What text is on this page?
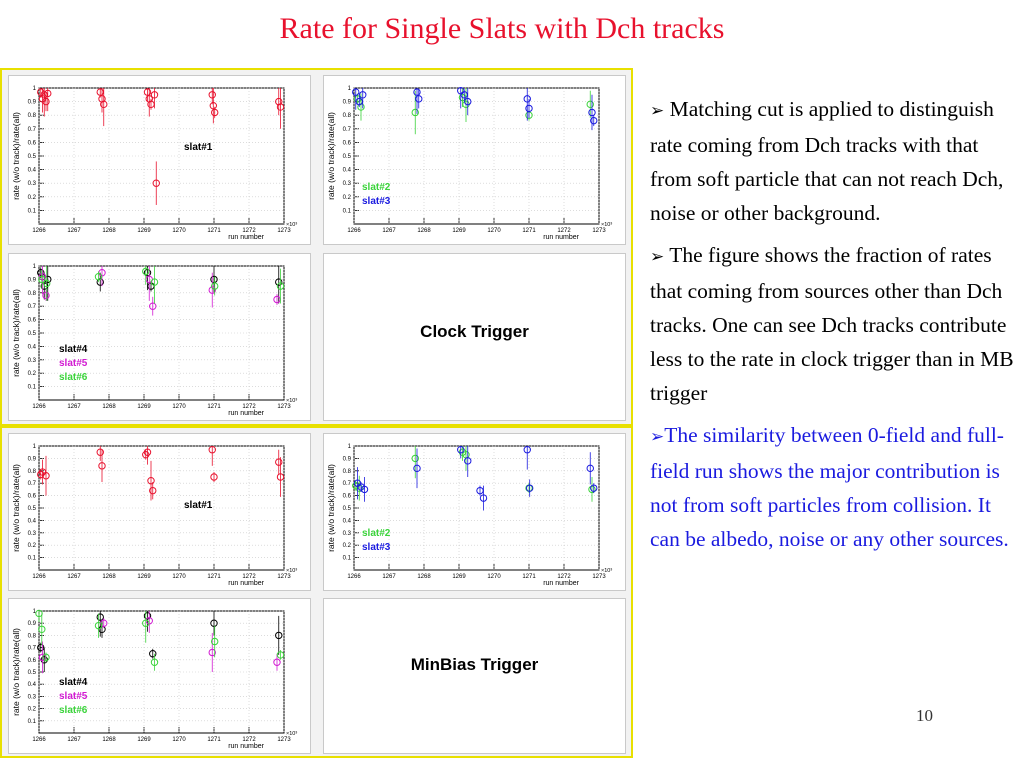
Rate for Single Slats with Dch tracks
0.1
0.2
0.3
0.4
0.5
0.6
0.7
0.8
0.9
1
1266	1267	1268	1269	1270	1271	1272	1273
rate (w/o track)/rate(all)
run number
×10³
slat#1
0.1
0.2
0.3
0.4
0.5
0.6
0.7
0.8
0.9
1
1266	1267	1268	1269	1270	1271	1272	1273
rate (w/o track)/rate(all)
run number
×10³
slat#2
slat#3
0.1
0.2
0.3
0.4
0.5
0.6
0.7
0.8
0.9
1
1266	1267	1268	1269	1270	1271	1272	1273
rate (w/o track)/rate(all)
run number
×10³
slat#4
slat#5
slat#6
Clock Trigger
0.1
0.2
0.3
0.4
0.5
0.6
0.7
0.8
0.9
1
1266	1267	1268	1269	1270	1271	1272	1273
rate (w/o track)/rate(all)
run number
×10³
slat#1
0.1
0.2
0.3
0.4
0.5
0.6
0.7
0.8
0.9
1
1266	1267	1268	1269	1270	1271	1272	1273
rate (w/o track)/rate(all)
run number
×10³
slat#2
slat#3
0.1
0.2
0.3
0.4
0.5
0.6
0.7
0.8
0.9
1
1266	1267	1268	1269	1270	1271	1272	1273
rate (w/o track)/rate(all)
run number
×10³
slat#4
slat#5
slat#6
MinBias Trigger
➢ Matching cut is applied to distinguish rate coming from Dch tracks with that from soft particle that can not reach Dch, noise or other background.
➢ The figure shows the fraction of rates that coming from sources other than Dch tracks. One can see Dch tracks contribute less to the rate in clock trigger than in MB trigger
➢The similarity between 0-field and full-field run shows the major contribution is not from soft particles from collision. It can be albedo, noise or any other sources.
10
